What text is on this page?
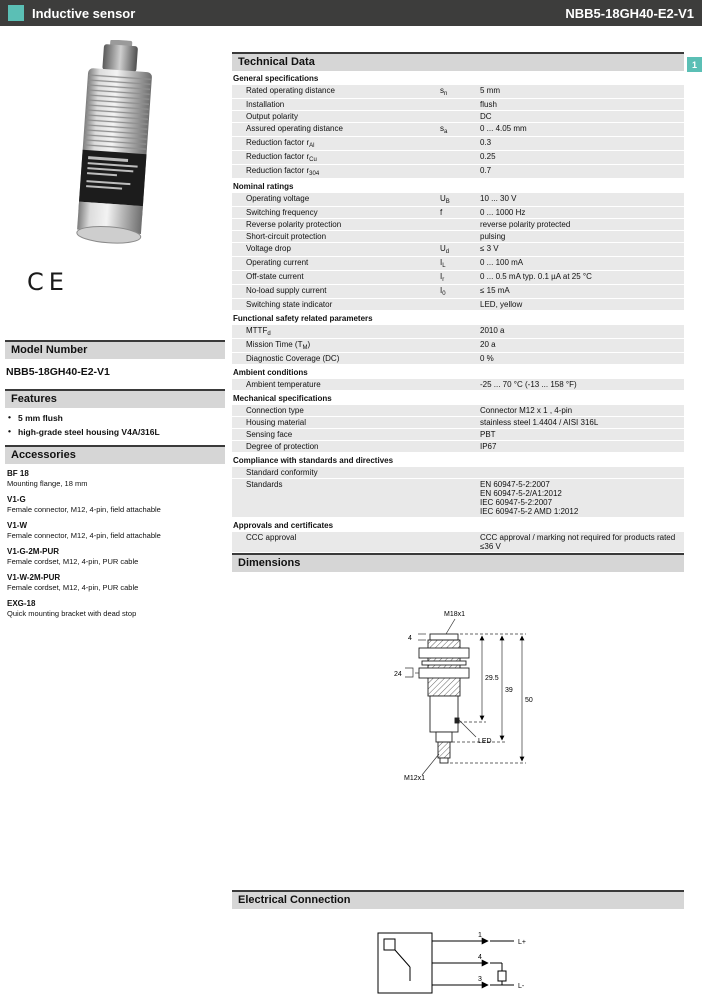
Inductive sensor	NBB5-18GH40-E2-V1
CE
Model Number
NBB5-18GH40-E2-V1
Features
• 5 mm flush
• high-grade steel housing V4A/316L
Accessories
BF 18
Mounting flange, 18 mm
V1-G
Female connector, M12, 4-pin, field attachable
V1-W
Female connector, M12, 4-pin, field attachable
V1-G-2M-PUR
Female cordset, M12, 4-pin, PUR cable
V1-W-2M-PUR
Female cordset, M12, 4-pin, PUR cable
EXG-18
Quick mounting bracket with dead stop
Technical Data	1
General specifications
Rated operating distance	$s_n$	5 mm
Installation	flush
Output polarity	DC
Assured operating distance	$s_a$	0 ... 4.05 mm
Reduction factor $r_{Al}$	0.3
Reduction factor $r_{Cu}$	0.25
Reduction factor $r_{304}$	0.7
Nominal ratings
Operating voltage	$U_B$	10 ... 30 V
Switching frequency	f	0 ... 1000 Hz
Reverse polarity protection	reverse polarity protected
Short-circuit protection	pulsing
Voltage drop	$U_d$	≤ 3 V
Operating current	$I_L$	0 ... 100 mA
Off-state current	$I_r$	0 ... 0.5 mA typ. 0.1 µA at 25 °C
No-load supply current	$I_0$	≤ 15 mA
Switching state indicator	LED, yellow
Functional safety related parameters
$MTTF_d$	2010 a
Mission Time $(T_M)$	20 a
Diagnostic Coverage (DC)	0 %
Ambient conditions
Ambient temperature	-25 ... 70 °C (-13 ... 158 °F)
Mechanical specifications
Connection type	Connector M12 x 1 , 4-pin
Housing material	stainless steel 1.4404 / AISI 316L
Sensing face	PBT
Degree of protection	IP67
Compliance with standards and directives
Standard conformity
Standards	EN 60947-5-2:2007
EN 60947-5-2/A1:2012
IEC 60947-5-2:2007
IEC 60947-5-2 AMD 1:2012
Approvals and certificates
CCC approval	CCC approval / marking not required for products rated ≤36 V
Dimensions
M18x1
4
24
29.5
39
50
LED
M12x1
Electrical Connection
1
4
3
L+
L-
